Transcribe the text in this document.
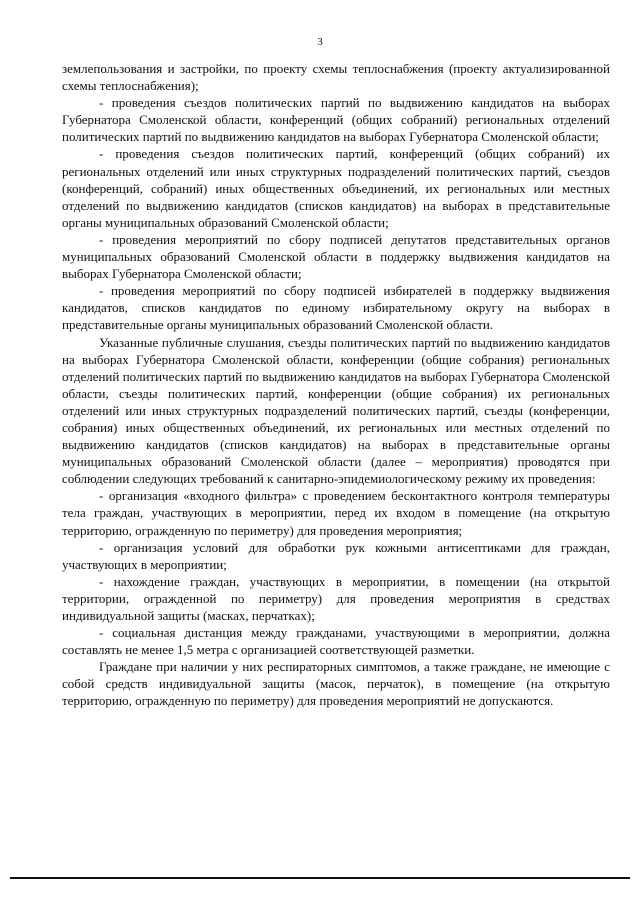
3

землепользования и застройки, по проекту схемы теплоснабжения (проекту актуализированной схемы теплоснабжения);

- проведения съездов политических партий по выдвижению кандидатов на выборах Губернатора Смоленской области, конференций (общих собраний) региональных отделений политических партий по выдвижению кандидатов на выборах Губернатора Смоленской области;

- проведения съездов политических партий, конференций (общих собраний) их региональных отделений или иных структурных подразделений политических партий, съездов (конференций, собраний) иных общественных объединений, их региональных или местных отделений по выдвижению кандидатов (списков кандидатов) на выборах в представительные органы муниципальных образований Смоленской области;

- проведения мероприятий по сбору подписей депутатов представительных органов муниципальных образований Смоленской области в поддержку выдвижения кандидатов на выборах Губернатора Смоленской области;

- проведения мероприятий по сбору подписей избирателей в поддержку выдвижения кандидатов, списков кандидатов по единому избирательному округу на выборах в представительные органы муниципальных образований Смоленской области.

Указанные публичные слушания, съезды политических партий по выдвижению кандидатов на выборах Губернатора Смоленской области, конференции (общие собрания) региональных отделений политических партий по выдвижению кандидатов на выборах Губернатора Смоленской области, съезды политических партий, конференции (общие собрания) их региональных отделений или иных структурных подразделений политических партий, съезды (конференции, собрания) иных общественных объединений, их региональных или местных отделений по выдвижению кандидатов (списков кандидатов) на выборах в представительные органы муниципальных образований Смоленской области (далее – мероприятия) проводятся при соблюдении следующих требований к санитарно-эпидемиологическому режиму их проведения:

- организация «входного фильтра» с проведением бесконтактного контроля температуры тела граждан, участвующих в мероприятии, перед их входом в помещение (на открытую территорию, огражденную по периметру) для проведения мероприятия;

- организация условий для обработки рук кожными антисептиками для граждан, участвующих в мероприятии;

- нахождение граждан, участвующих в мероприятии, в помещении (на открытой территории, огражденной по периметру) для проведения мероприятия в средствах индивидуальной защиты (масках, перчатках);

- социальная дистанция между гражданами, участвующими в мероприятии, должна составлять не менее 1,5 метра с организацией соответствующей разметки.

Граждане при наличии у них респираторных симптомов, а также граждане, не имеющие с собой средств индивидуальной защиты (масок, перчаток), в помещение (на открытую территорию, огражденную по периметру) для проведения мероприятий не допускаются.
